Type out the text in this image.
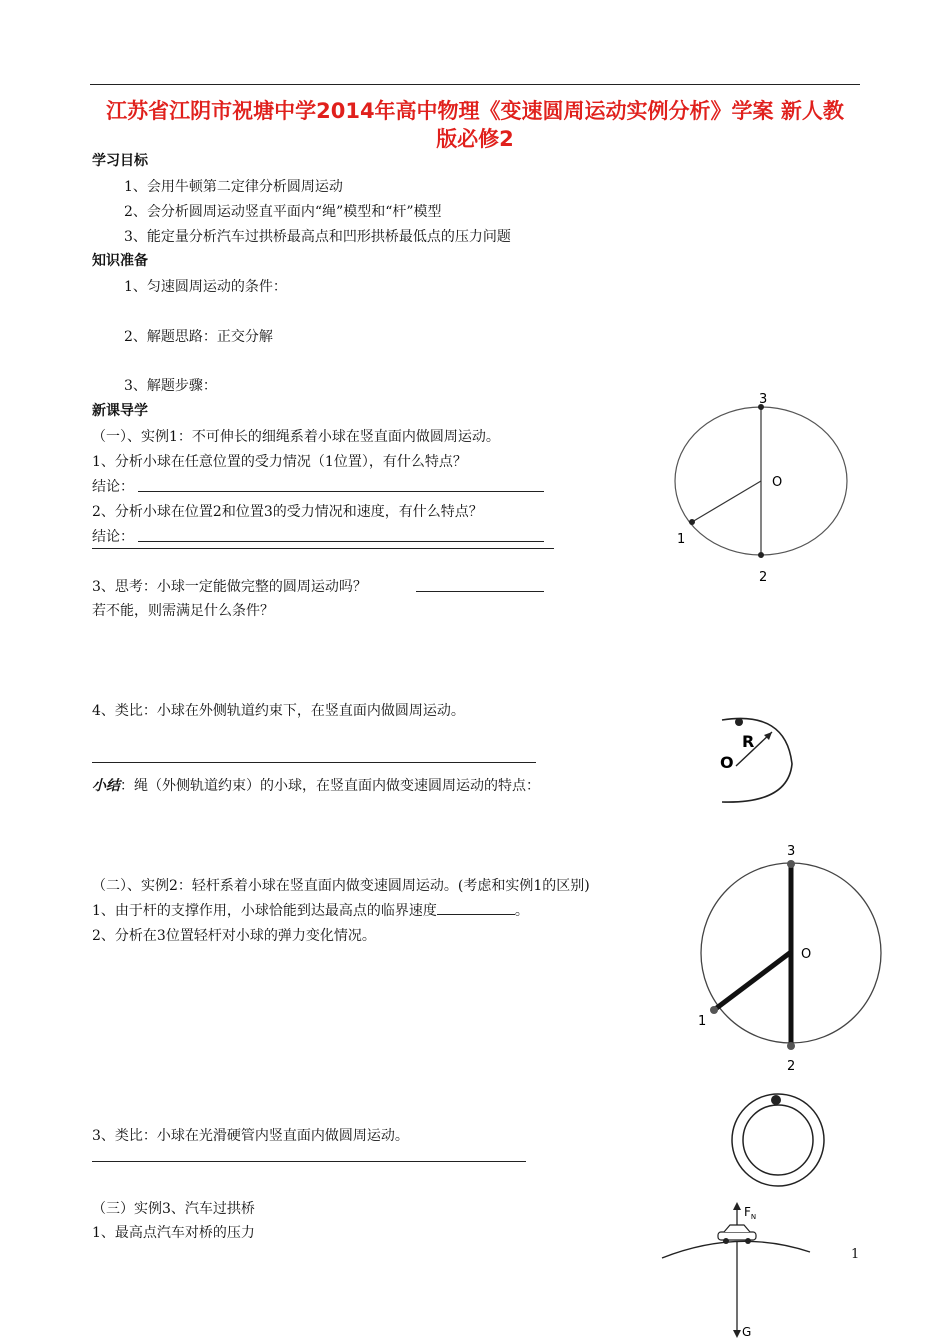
江苏省江阴市祝塘中学2014年高中物理《变速圆周运动实例分析》学案 新人教
版必修2
学习目标
1、会用牛顿第二定律分析圆周运动
2、会分析圆周运动竖直平面内“绳”模型和“杆”模型
3、能定量分析汽车过拱桥最高点和凹形拱桥最低点的压力问题
知识准备
1、匀速圆周运动的条件：
2、解题思路：正交分解
3、解题步骤：
新课导学
（一）、实例1：不可伸长的细绳系着小球在竖直面内做圆周运动。
1、分析小球在任意位置的受力情况（1位置），有什么特点？
结论：
2、分析小球在位置2和位置3的受力情况和速度，有什么特点？
结论：
3、思考：小球一定能做完整的圆周运动吗？
若不能，则需满足什么条件？
4、类比：小球在外侧轨道约束下，在竖直面内做圆周运动。
小结：绳（外侧轨道约束）的小球，在竖直面内做变速圆周运动的特点：
（二）、实例2：轻杆系着小球在竖直面内做变速圆周运动。(考虑和实例1的区别)
1、由于杆的支撑作用，小球恰能到达最高点的临界速度	。
2、分析在3位置轻杆对小球的弹力变化情况。
3、类比：小球在光滑硬管内竖直面内做圆周运动。
（三）实例3、汽车过拱桥
1、最高点汽车对桥的压力
3
2
1
O
R
O
3
2
1
O
$F_N$
G
1
